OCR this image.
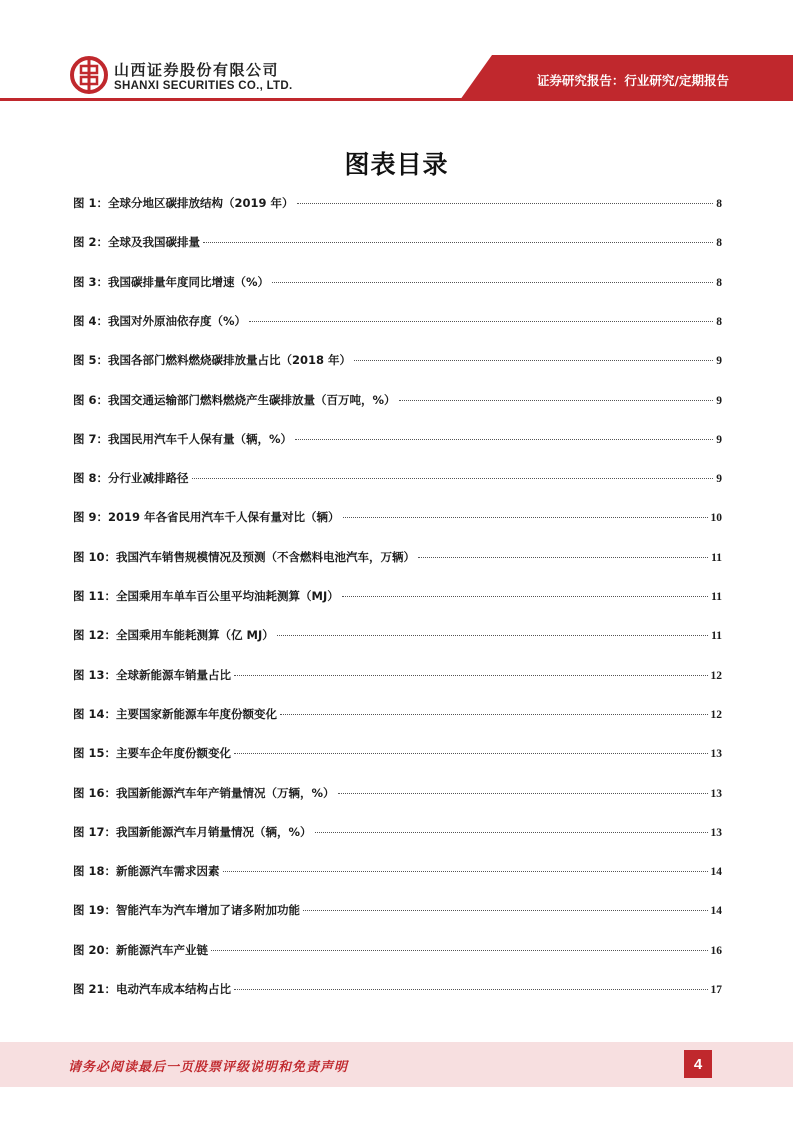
山西证券股份有限公司
SHANXI SECURITIES CO., LTD.	证券研究报告：行业研究/定期报告
图表目录
图 1：全球分地区碳排放结构（2019 年）	8
图 2：全球及我国碳排量	8
图 3：我国碳排量年度同比增速（%）	8
图 4：我国对外原油依存度（%）	8
图 5：我国各部门燃料燃烧碳排放量占比（2018 年）	9
图 6：我国交通运输部门燃料燃烧产生碳排放量（百万吨，%）	9
图 7：我国民用汽车千人保有量（辆，%）	9
图 8：分行业减排路径	9
图 9：2019 年各省民用汽车千人保有量对比（辆）	10
图 10：我国汽车销售规模情况及预测（不含燃料电池汽车，万辆）	11
图 11：全国乘用车单车百公里平均油耗测算（MJ）	11
图 12：全国乘用车能耗测算（亿 MJ）	11
图 13：全球新能源车销量占比	12
图 14：主要国家新能源车年度份额变化	12
图 15：主要车企年度份额变化	13
图 16：我国新能源汽车年产销量情况（万辆，%）	13
图 17：我国新能源汽车月销量情况（辆，%）	13
图 18：新能源汽车需求因素	14
图 19：智能汽车为汽车增加了诸多附加功能	14
图 20：新能源汽车产业链	16
图 21：电动汽车成本结构占比	17
请务必阅读最后一页股票评级说明和免责声明	4
